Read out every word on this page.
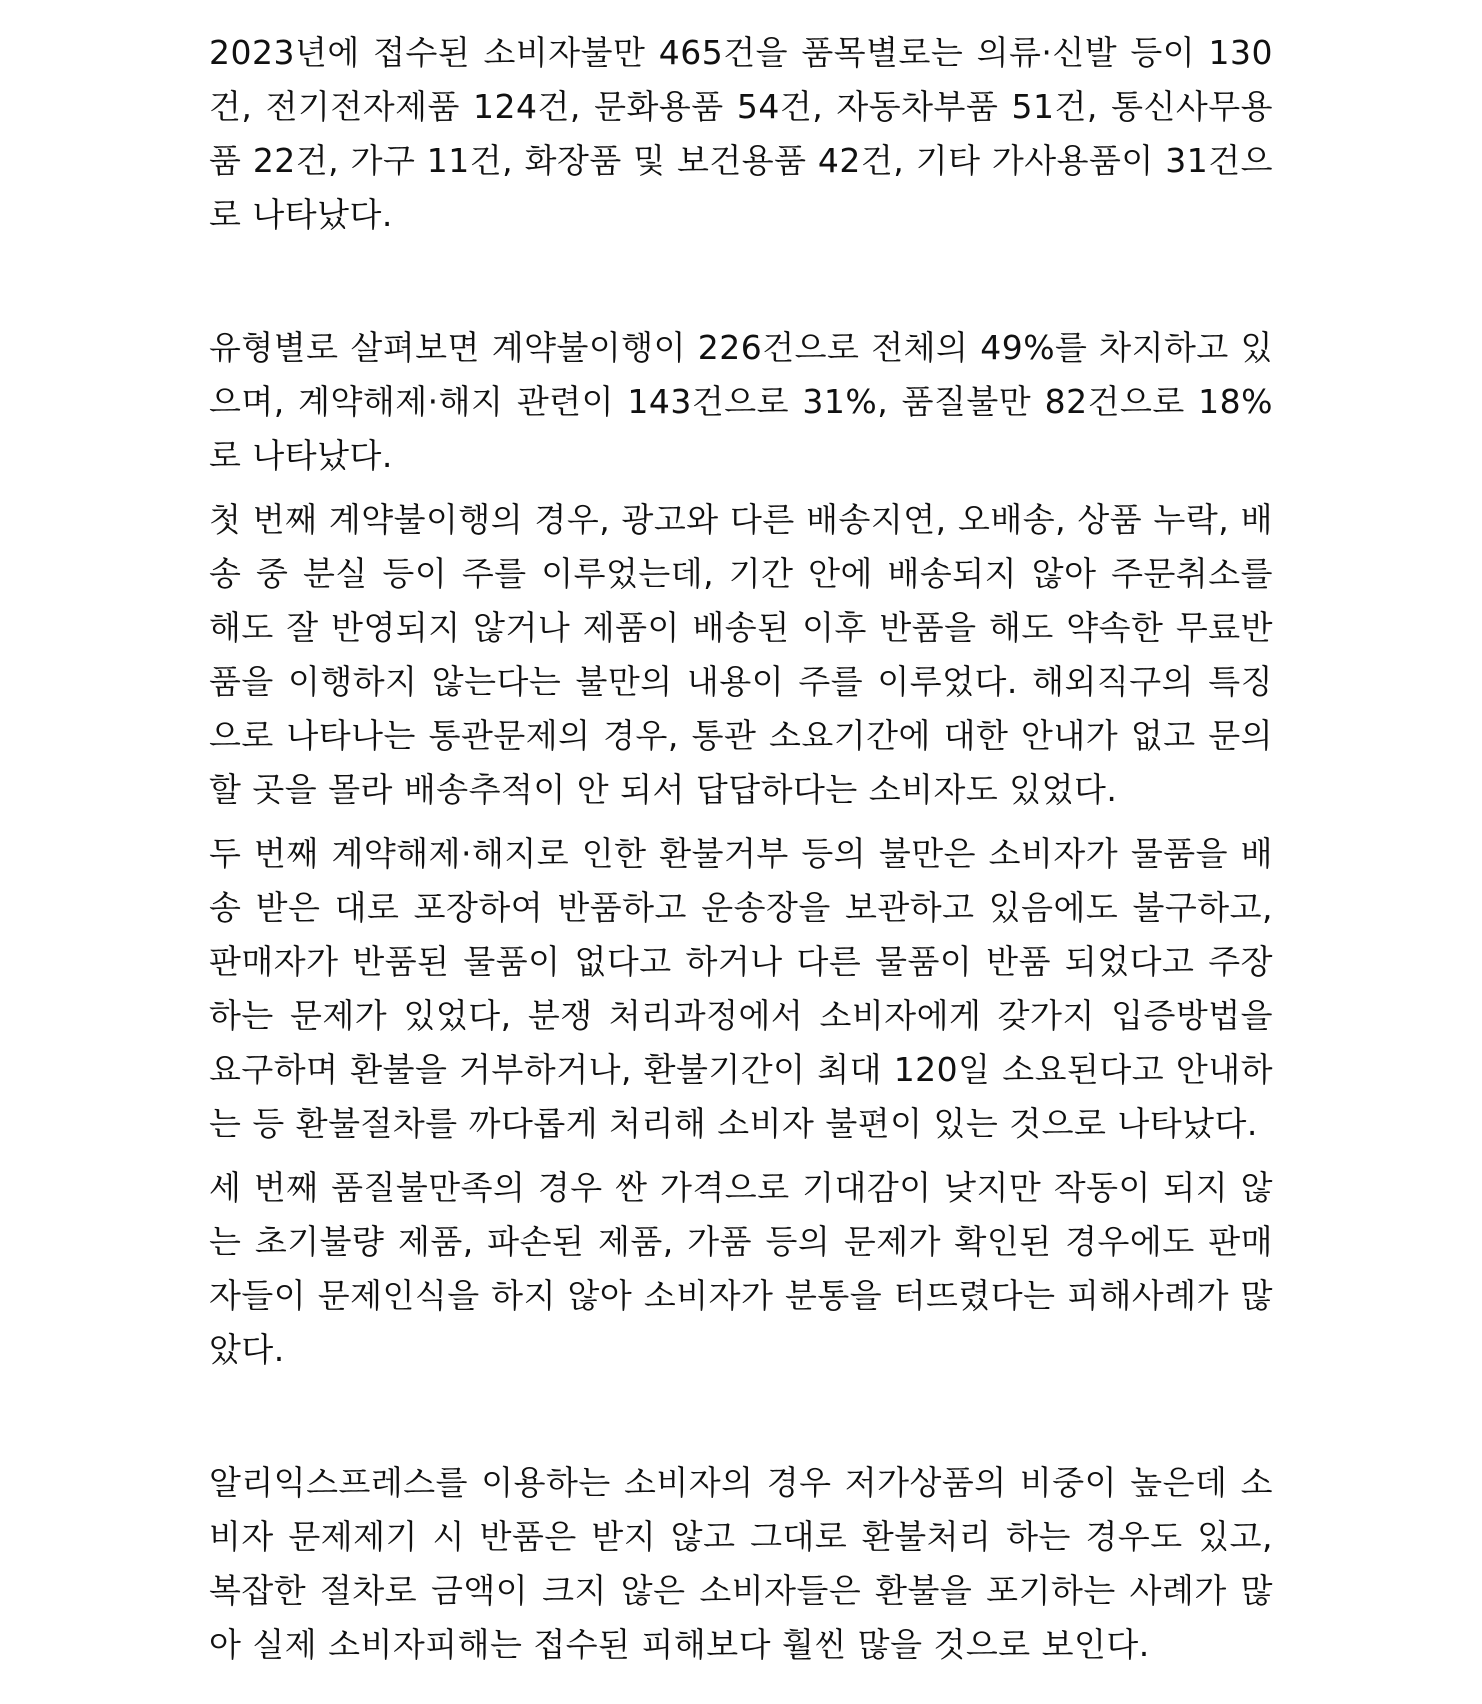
2023년에 접수된 소비자불만 465건을 품목별로는 의류·신발 등이 130건, 전기전자제품 124건, 문화용품 54건, 자동차부품 51건, 통신사무용품 22건, 가구 11건, 화장품 및 보건용품 42건, 기타 가사용품이 31건으로 나타났다.

유형별로 살펴보면 계약불이행이 226건으로 전체의 49%를 차지하고 있으며, 계약해제·해지 관련이 143건으로 31%, 품질불만 82건으로 18%로 나타났다.

첫 번째 계약불이행의 경우, 광고와 다른 배송지연, 오배송, 상품 누락, 배송 중 분실 등이 주를 이루었는데, 기간 안에 배송되지 않아 주문취소를 해도 잘 반영되지 않거나 제품이 배송된 이후 반품을 해도 약속한 무료반품을 이행하지 않는다는 불만의 내용이 주를 이루었다. 해외직구의 특징으로 나타나는 통관문제의 경우, 통관 소요기간에 대한 안내가 없고 문의할 곳을 몰라 배송추적이 안 되서 답답하다는 소비자도 있었다.

두 번째 계약해제·해지로 인한 환불거부 등의 불만은 소비자가 물품을 배송 받은 대로 포장하여 반품하고 운송장을 보관하고 있음에도 불구하고, 판매자가 반품된 물품이 없다고 하거나 다른 물품이 반품 되었다고 주장하는 문제가 있었다, 분쟁 처리과정에서 소비자에게 갖가지 입증방법을 요구하며 환불을 거부하거나, 환불기간이 최대 120일 소요된다고 안내하는 등 환불절차를 까다롭게 처리해 소비자 불편이 있는 것으로 나타났다.

세 번째 품질불만족의 경우 싼 가격으로 기대감이 낮지만 작동이 되지 않는 초기불량 제품, 파손된 제품, 가품 등의 문제가 확인된 경우에도 판매자들이 문제인식을 하지 않아 소비자가 분통을 터뜨렸다는 피해사례가 많았다.

알리익스프레스를 이용하는 소비자의 경우 저가상품의 비중이 높은데 소비자 문제제기 시 반품은 받지 않고 그대로 환불처리 하는 경우도 있고, 복잡한 절차로 금액이 크지 않은 소비자들은 환불을 포기하는 사례가 많아 실제 소비자피해는 접수된 피해보다 훨씬 많을 것으로 보인다.
